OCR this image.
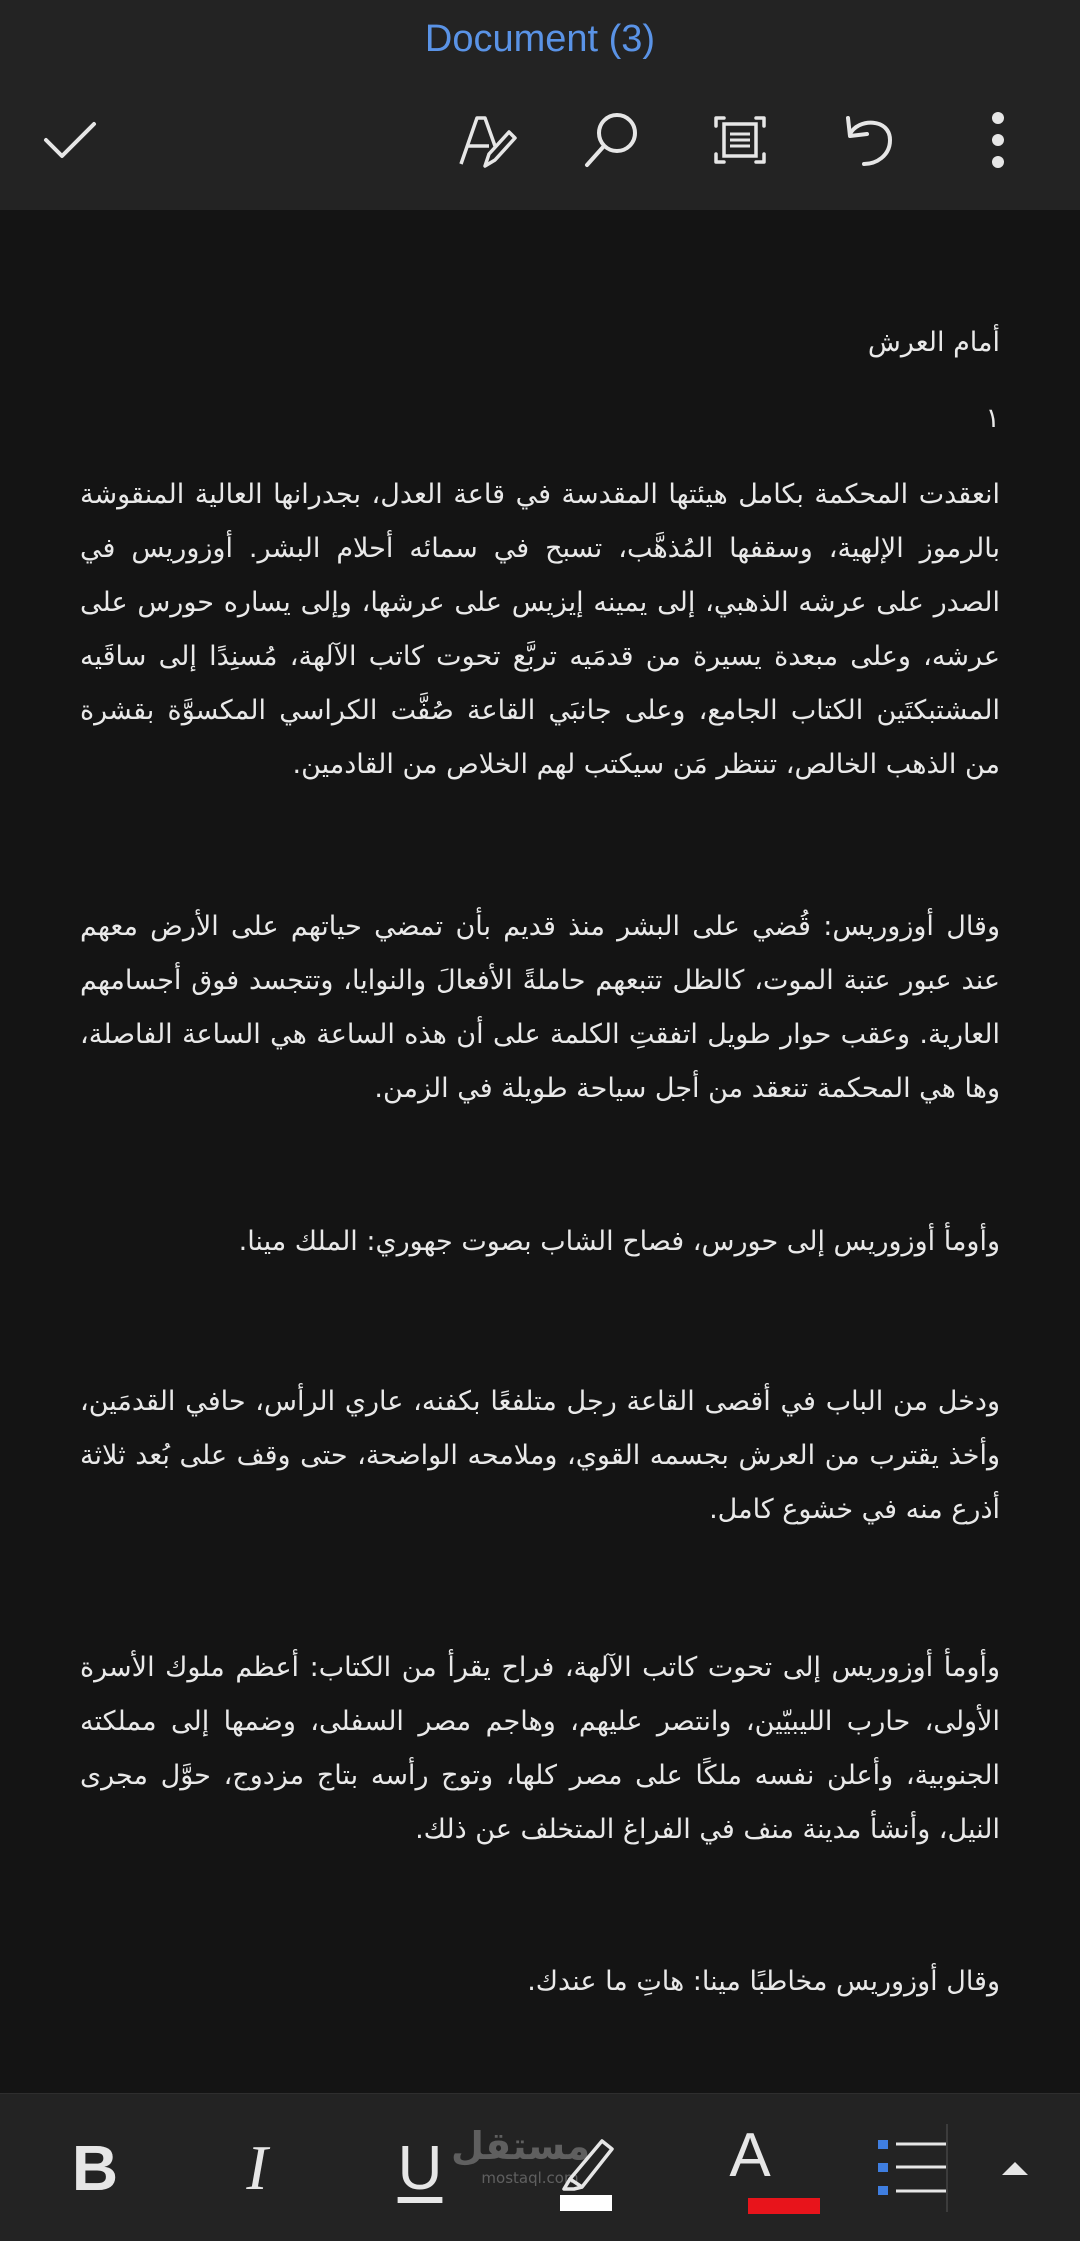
Document (3)

أمام العرش

١

انعقدت المحكمة بكامل هيئتها المقدسة في قاعة العدل، بجدرانها العالية المنقوشة بالرموز الإلهية، وسقفها المُذهَّب، تسبح في سمائه أحلام البشر. أوزوريس في الصدر على عرشه الذهبي، إلى يمينه إيزيس على عرشها، وإلى يساره حورس على عرشه، وعلى مبعدة يسيرة من قدمَيه تربَّع تحوت كاتب الآلهة، مُسنِدًا إلى ساقَيه المشتبكتَين الكتاب الجامع، وعلى جانبَي القاعة صُفَّت الكراسي المكسوَّة بقشرة من الذهب الخالص، تنتظر مَن سيكتب لهم الخلاص من القادمين.

وقال أوزوريس: قُضي على البشر منذ قديم بأن تمضي حياتهم على الأرض معهم عند عبور عتبة الموت، كالظل تتبعهم حاملةً الأفعالَ والنوايا، وتتجسد فوق أجسامهم العارية. وعقب حوار طويل اتفقتِ الكلمة على أن هذه الساعة هي الساعة الفاصلة، وها هي المحكمة تنعقد من أجل سياحة طويلة في الزمن.

وأومأ أوزوريس إلى حورس، فصاح الشاب بصوت جهوري: الملك مينا.

ودخل من الباب في أقصى القاعة رجل متلفعًا بكفنه، عاري الرأس، حافي القدمَين، وأخذ يقترب من العرش بجسمه القوي، وملامحه الواضحة، حتى وقف على بُعد ثلاثة أذرع منه في خشوع كامل.

وأومأ أوزوريس إلى تحوت كاتب الآلهة، فراح يقرأ من الكتاب: أعظم ملوك الأسرة الأولى، حارب الليبيّين، وانتصر عليهم، وهاجم مصر السفلى، وضمها إلى مملكته الجنوبية، وأعلن نفسه ملكًا على مصر كلها، وتوج رأسه بتاج مزدوج، حوَّل مجرى النيل، وأنشأ مدينة منف في الفراغ المتخلف عن ذلك.

وقال أوزوريس مخاطبًا مينا: هاتِ ما عندك.

B I U مستقل
mostaql.com A
